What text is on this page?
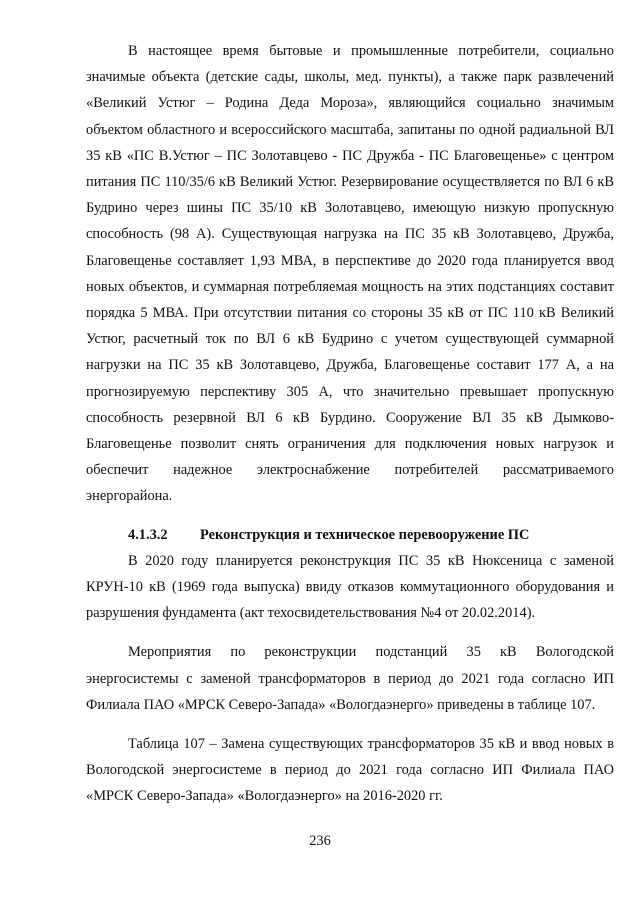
В настоящее время бытовые и промышленные потребители, социально значимые объекта (детские сады, школы, мед. пункты), а также парк развлечений «Великий Устюг – Родина Деда Мороза», являющийся социально значимым объектом областного и всероссийского масштаба, запитаны по одной радиальной ВЛ 35 кВ «ПС В.Устюг – ПС Золотавцево - ПС Дружба - ПС Благовещенье» с центром питания ПС 110/35/6 кВ Великий Устюг. Резервирование осуществляется по ВЛ 6 кВ Будрино через шины ПС 35/10 кВ Золотавцево, имеющую низкую пропускную способность (98 А). Существующая нагрузка на ПС 35 кВ Золотавцево, Дружба, Благовещенье составляет 1,93 МВА, в перспективе до 2020 года планируется ввод новых объектов, и суммарная потребляемая мощность на этих подстанциях составит порядка 5 МВА. При отсутствии питания со стороны 35 кВ от ПС 110 кВ Великий Устюг, расчетный ток по ВЛ 6 кВ Будрино с учетом существующей суммарной нагрузки на ПС 35 кВ Золотавцево, Дружба, Благовещенье составит 177 А, а на прогнозируемую перспективу 305 А, что значительно превышает пропускную способность резервной ВЛ 6 кВ Бурдино. Сооружение ВЛ 35 кВ Дымково-Благовещенье позволит снять ограничения для подключения новых нагрузок и обеспечит надежное электроснабжение потребителей рассматриваемого энергорайона.

4.1.3.2 Реконструкция и техническое перевооружение ПС

В 2020 году планируется реконструкция ПС 35 кВ Нюксеница с заменой КРУН-10 кВ (1969 года выпуска) ввиду отказов коммутационного оборудования и разрушения фундамента (акт техосвидетельствования №4 от 20.02.2014).

Мероприятия по реконструкции подстанций 35 кВ Вологодской энергосистемы с заменой трансформаторов в период до 2021 года согласно ИП Филиала ПАО «МРСК Северо-Запада» «Вологдаэнерго» приведены в таблице 107.

Таблица 107 – Замена существующих трансформаторов 35 кВ и ввод новых в Вологодской энергосистеме в период до 2021 года согласно ИП Филиала ПАО «МРСК Северо-Запада» «Вологдаэнерго» на 2016-2020 гг.

236
